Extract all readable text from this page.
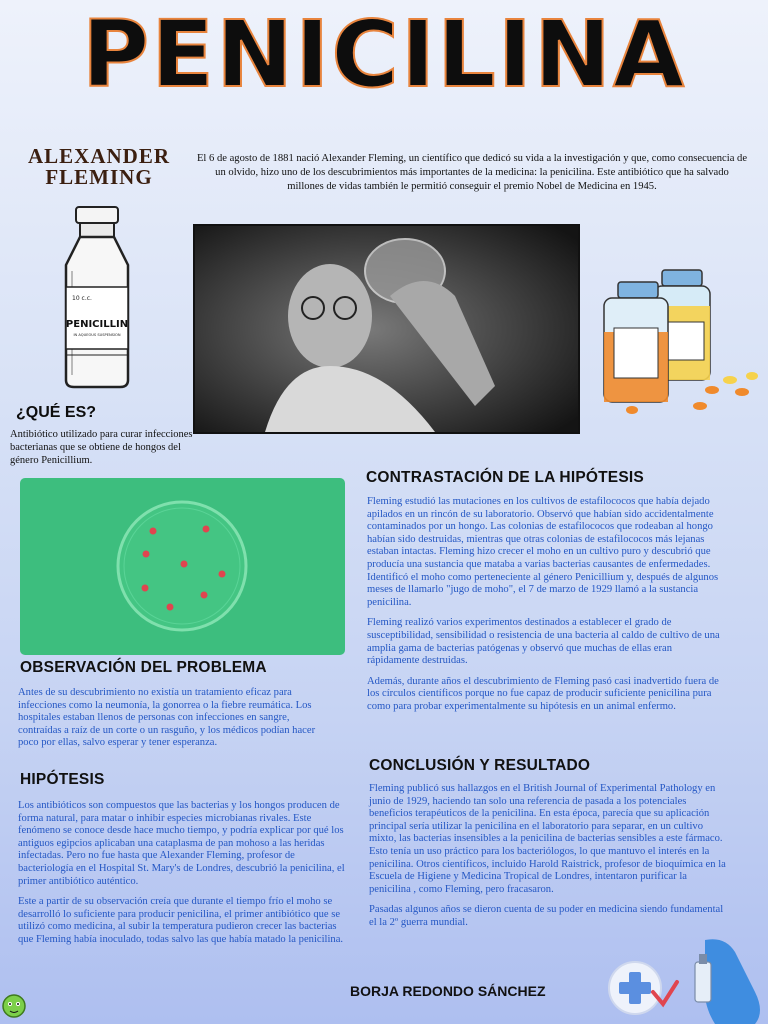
PENICILINA
ALEXANDER FLEMING
El 6 de agosto de 1881 nació Alexander Fleming, un científico que dedicó su vida a la investigación y que, como consecuencia de un olvido, hizo uno de los descubrimientos más importantes de la medicina: la penicilina. Este antibiótico que ha salvado millones de vidas también le permitió conseguir el premio Nobel de Medicina en 1945.
10 c.c.
PENICILLIN
IN AQUEOUS SUSPENSION
¿QUÉ ES?
Antibiótico utilizado para curar infecciones bacterianas que se obtiene de hongos del género Penicillium.
OBSERVACIÓN DEL PROBLEMA

Antes de su descubrimiento no existía un tratamiento eficaz para infecciones como la neumonía, la gonorrea o la fiebre reumática. Los hospitales estaban llenos de personas con infecciones en sangre, contraídas a raíz de un corte o un rasguño, y los médicos podían hacer poco por ellas, salvo esperar y tener esperanza.

HIPÓTESIS

Los antibióticos son compuestos que las bacterias y los hongos producen de forma natural, para matar o inhibir especies microbianas rivales. Este fenómeno se conoce desde hace mucho tiempo, y podría explicar por qué los antiguos egipcios aplicaban una cataplasma de pan mohoso a las heridas infectadas. Pero no fue hasta que Alexander Fleming, profesor de bacteriología en el Hospital St. Mary's de Londres, descubrió la penicilina, el primer antibiótico auténtico.

Este a partir de su observación creía que durante el tiempo frío el moho se desarrolló lo suficiente para producir penicilina, el primer antibiótico que se utilizó como medicina, al subir la temperatura pudieron crecer las bacterias que Fleming había inoculado, todas salvo las que había matado la penicilina.

CONTRASTACIÓN DE LA HIPÓTESIS

Fleming estudió las mutaciones en los cultivos de estafilococos que había dejado apilados en un rincón de su laboratorio. Observó que habían sido accidentalmente contaminados por un hongo. Las colonias de estafilococos que rodeaban al hongo habían sido destruidas, mientras que otras colonias de estafilococos más lejanas estaban intactas. Fleming hizo crecer el moho en un cultivo puro y descubrió que producía una sustancia que mataba a varias bacterias causantes de enfermedades. Identificó el moho como perteneciente al género Penicillium y, después de algunos meses de llamarlo "jugo de moho", el 7 de marzo de 1929 llamó a la sustancia penicilina.

Fleming realizó varios experimentos destinados a establecer el grado de susceptibilidad, sensibilidad o resistencia de una bacteria al caldo de cultivo de una amplia gama de bacterias patógenas y observó que muchas de ellas eran rápidamente destruidas.

Además, durante años el descubrimiento de Fleming pasó casi inadvertido fuera de los círculos científicos porque no fue capaz de producir suficiente penicilina pura como para probar experimentalmente su hipótesis en un animal enfermo.

CONCLUSIÓN Y RESULTADO

Fleming publicó sus hallazgos en el British Journal of Experimental Pathology en junio de 1929, haciendo tan solo una referencia de pasada a los potenciales beneficios terapéuticos de la penicilina. En esta época, parecía que su aplicación principal sería utilizar la penicilina en el laboratorio para separar, en un cultivo mixto, las bacterias insensibles a la penicilina de bacterias sensibles a este fármaco. Esto tenía un uso práctico para los bacteriólogos, lo que mantuvo el interés en la penicilina. Otros científicos, incluido Harold Raistrick, profesor de bioquímica en la Escuela de Higiene y Medicina Tropical de Londres, intentaron purificar la penicilina , como Fleming, pero fracasaron.

Pasadas algunos años se dieron cuenta de su poder en medicina siendo fundamental el la 2º guerra mundial.

BORJA REDONDO SÁNCHEZ
